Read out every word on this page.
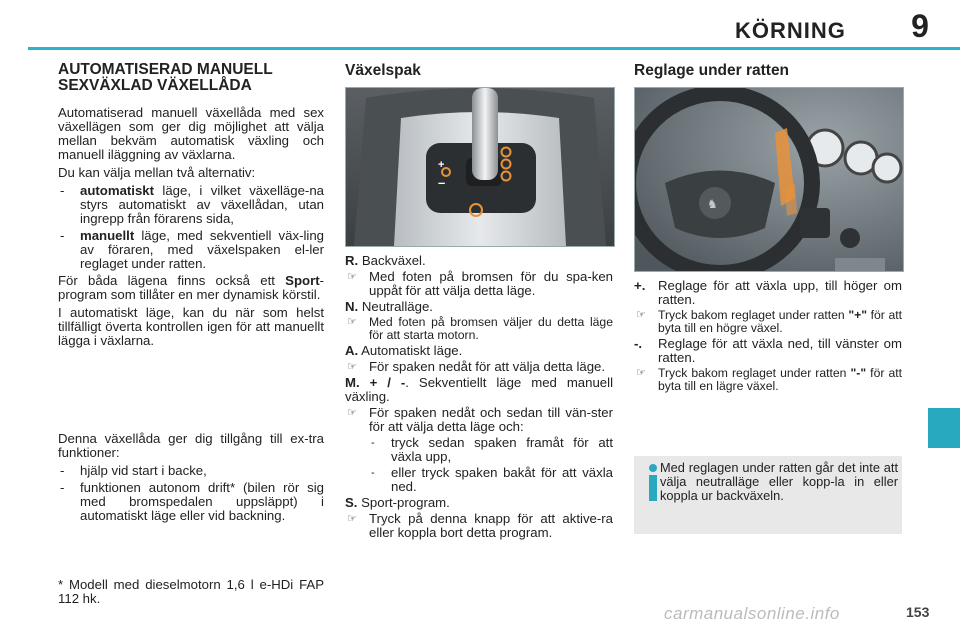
KÖRNING	9
AUTOMATISERAD MANUELL SEXVÄXLAD VÄXELLÅDA

Automatiserad manuell växellåda med sex växellägen som ger dig möjlighet att välja mellan bekväm automatisk växling och manuell iläggning av växlarna.

Du kan välja mellan två alternativ:

- automatiskt läge, i vilket växelläge-na styrs automatiskt av växellådan, utan ingrepp från förarens sida,
- manuellt läge, med sekventiell väx-ling av föraren, med växelspaken el-ler reglaget under ratten.

För båda lägena finns också ett Sport-program som tillåter en mer dynamisk körstil.

I automatiskt läge, kan du när som helst tillfälligt överta kontrollen igen för att manuellt lägga i växlarna.

Denna växellåda ger dig tillgång till ex-tra funktioner:

- hjälp vid start i backe,
- funktionen autonom drift* (bilen rör sig med bromspedalen uppsläppt) i automatiskt läge eller vid backning.
* Modell med dieselmotorn 1,6 l e-HDi FAP 112 hk.
Växelspak
+
–
R. Backväxel.
☞ Med foten på bromsen för du spa-ken uppåt för att välja detta läge.
N. Neutralläge.
☞ Med foten på bromsen väljer du detta läge för att starta motorn.
A. Automatiskt läge.
☞ För spaken nedåt för att välja detta läge.
M. + / -. Sekventiellt läge med manuell växling.
☞ För spaken nedåt och sedan till vän-ster för att välja detta läge och:
- tryck sedan spaken framåt för att växla upp,
- eller tryck spaken bakåt för att växla ned.
S. Sport-program.
☞ Tryck på denna knapp för att aktive-ra eller koppla bort detta program.
Reglage under ratten
♞
+. Reglage för att växla upp, till höger om ratten.
☞ Tryck bakom reglaget under ratten "+" för att byta till en högre växel.
-. Reglage för att växla ned, till vänster om ratten.
☞ Tryck bakom reglaget under ratten "-" för att byta till en lägre växel.
Med reglagen under ratten går det inte att välja neutralläge eller kopp-la in eller koppla ur backväxeln.
carmanualsonline.info	153
